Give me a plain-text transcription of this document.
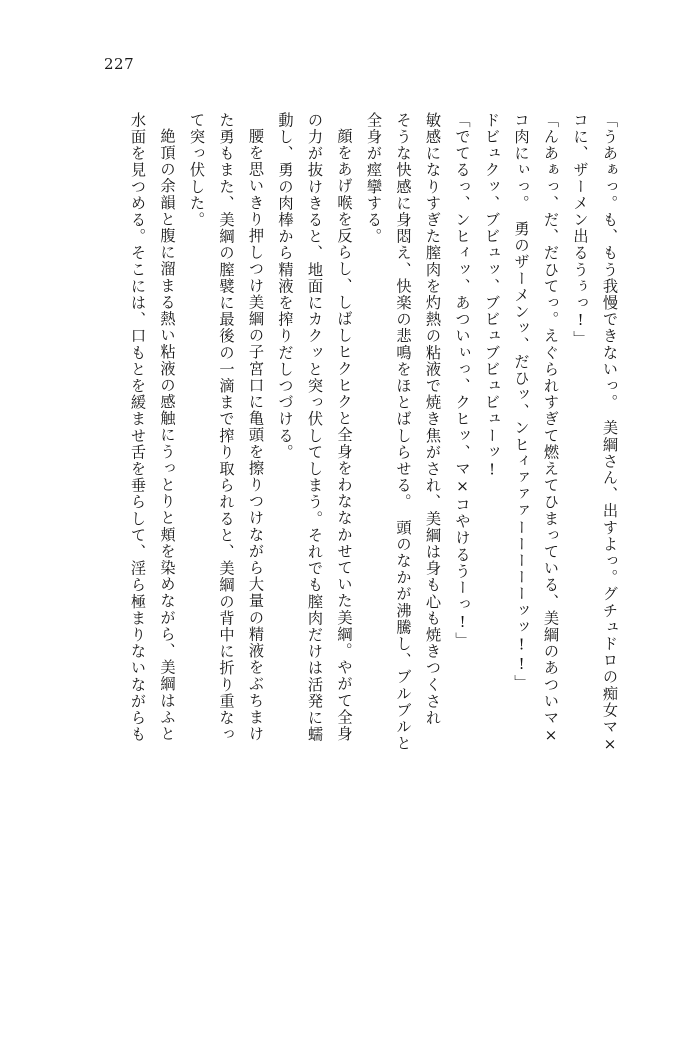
227
「うあぁっ。も、もう我慢できないっ。　美綱さん、出すよっ。グチュドロの痴女マ×
コに、ザーメン出るうぅっ!」
「んあぁっ、だ、だひてっ。えぐられすぎて燃えてひまっている、美綱のあついマ×
コ肉にぃっ。　勇のザーメンッ、だひッ、ンヒィァァァーーーーーッッ!!」
ドビュクッ、ブビュッ、ブビュブビュビューッ!
「でてるっ、ンヒィッ、あついぃっ、クヒッ、マ×コやけるうーっ!」
敏感になりすぎた膣肉を灼熱の粘液で焼き焦がされ、美綱は身も心も焼きつくされ
そうな快感に身悶え、快楽の悲鳴をほとばしらせる。　頭のなかが沸騰し、ブルブルと
全身が痙攣する。
顔をあげ喉を反らし、しばしヒクヒクと全身をわななかせていた美綱。やがて全身
の力が抜けきると、地面にカクッと突っ伏してしまう。それでも膣肉だけは活発に蠕
動し、勇の肉棒から精液を搾りだしつづける。
腰を思いきり押しつけ美綱の子宮口に亀頭を擦りつけながら大量の精液をぶちまけ
た勇もまた、美綱の膣襞に最後の一滴まで搾り取られると、美綱の背中に折り重なっ
て突っ伏した。
絶頂の余韻と腹に溜まる熱い粘液の感触にうっとりと頬を染めながら、美綱はふと
水面を見つめる。そこには、口もとを緩ませ舌を垂らして、淫ら極まりないながらも
